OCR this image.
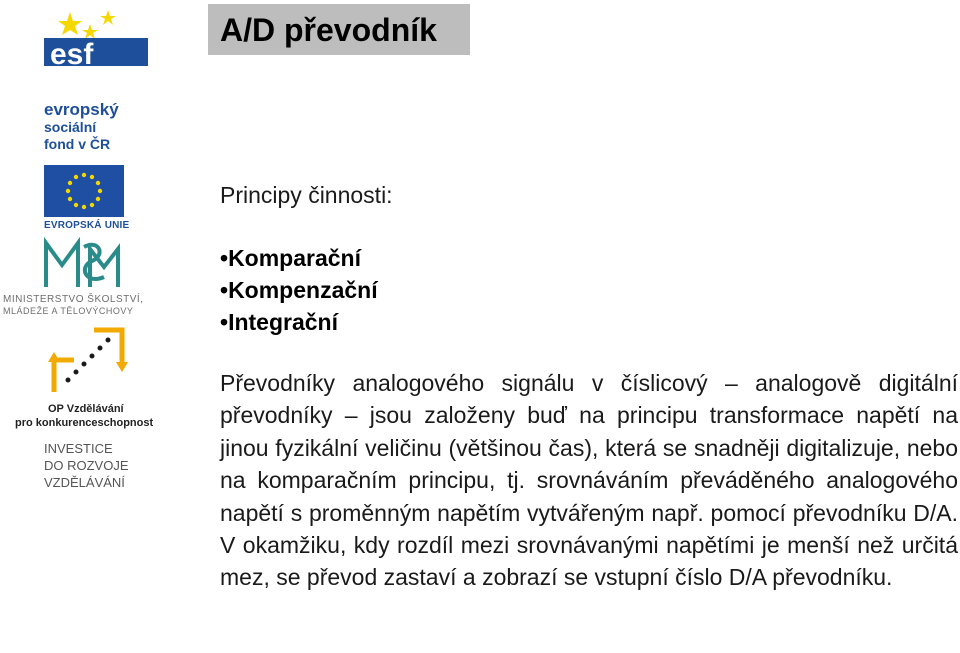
esf
evropský
sociální
fond v ČR
EVROPSKÁ UNIE
MINISTERSTVO ŠKOLSTVÍ,
MLÁDEŽE A TĚLOVÝCHOVY
OP Vzdělávání
pro konkurenceschopnost
INVESTICE
DO ROZVOJE
VZDĚLÁVÁNÍ
A/D převodník
Principy činnosti:
• Komparační
• Kompenzační
• Integrační

Převodníky analogového signálu v číslicový – analogově digitální převodníky – jsou založeny buď na principu transformace napětí na jinou fyzikální veličinu (většinou čas), která se snadněji digitalizuje, nebo na komparačním principu, tj. srovnáváním převáděného analogového napětí s proměnným napětím vytvářeným např. pomocí převodníku D/A. V okamžiku, kdy rozdíl mezi srovnávanými napětími je menší než určitá mez, se převod zastaví a zobrazí se vstupní číslo D/A převodníku.
